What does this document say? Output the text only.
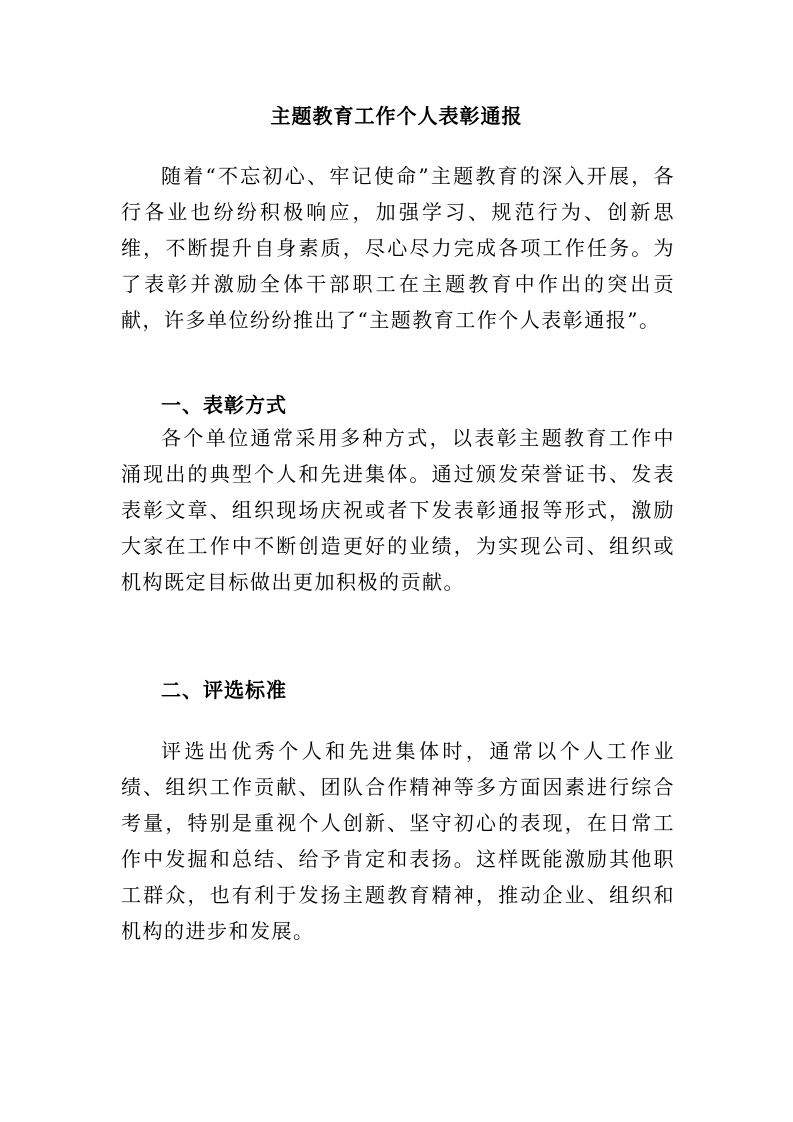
主题教育工作个人表彰通报

随着“不忘初心、牢记使命”主题教育的深入开展，各行各业也纷纷积极响应，加强学习、规范行为、创新思维，不断提升自身素质，尽心尽力完成各项工作任务。为了表彰并激励全体干部职工在主题教育中作出的突出贡献，许多单位纷纷推出了“主题教育工作个人表彰通报”。

一、表彰方式

各个单位通常采用多种方式，以表彰主题教育工作中涌现出的典型个人和先进集体。通过颁发荣誉证书、发表表彰文章、组织现场庆祝或者下发表彰通报等形式，激励大家在工作中不断创造更好的业绩，为实现公司、组织或机构既定目标做出更加积极的贡献。

二、评选标准

评选出优秀个人和先进集体时，通常以个人工作业绩、组织工作贡献、团队合作精神等多方面因素进行综合考量，特别是重视个人创新、坚守初心的表现，在日常工作中发掘和总结、给予肯定和表扬。这样既能激励其他职工群众，也有利于发扬主题教育精神，推动企业、组织和机构的进步和发展。
